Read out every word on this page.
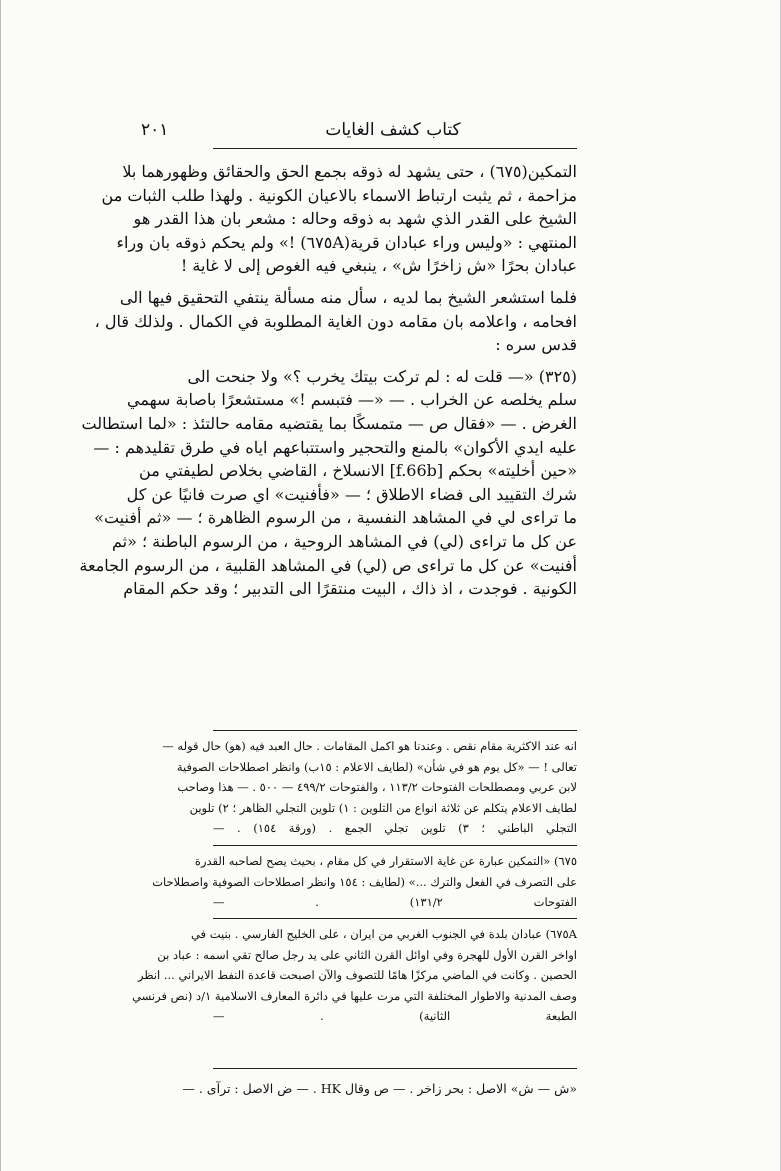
كتاب كشف الغايات
٢٠١
التمكين(٦٧٥) ، حتى يشهد له ذوقه بجمع الحق والحقائق وظهورهما بلا
مزاحمة ، ثم يثبت ارتباط الاسماء بالاعيان الكونية . ولهذا طلب الثبات من
الشيخ على القدر الذي شهد به ذوقه وحاله : مشعر بان هذا القدر هو
المنتهي : «وليس وراء عبادان قرية(٦٧٥A) !» ولم يحكم ذوقه بان وراء
عبادان بحرًا «ش زاخرًا ش» ، ينبغي فيه الغوص إلى لا غاية !
فلما استشعر الشيخ بما لديه ، سأل منه مسألة ينتفي التحقيق فيها الى
افحامه ، واعلامه بان مقامه دون الغاية المطلوبة في الكمال . ولذلك قال ،
قدس سره :
(٣٢٥) «— قلت له : لم تركت بيتك يخرب ؟» ولا جنحت الى
سلم يخلصه عن الخراب . — «— فتبسم !» مستشعرًا باصابة سهمي
الغرض . — «فقال ص — متمسكًا بما يقتضيه مقامه حالتئذ : «لما استطالت
عليه ايدي الأكوان» بالمنع والتحجير واستتباعهم اياه في طرق تقليدهم : —
«حين أخليته» بحكم [f.66b] الانسلاخ ، القاضي بخلاص لطيفتي من
شرك التقييد الى فضاء الاطلاق ؛ — «فأفنيت» اي صرت فانيًا عن كل
ما تراءى لي في المشاهد النفسية ، من الرسوم الظاهرة ؛ — «ثم أفنيت»
عن كل ما تراءى (لي) في المشاهد الروحية ، من الرسوم الباطنة ؛ «ثم
أفنيت» عن كل ما تراءى ص (لي) في المشاهد القلبية ، من الرسوم الجامعة
الكونية . فوجدت ، اذ ذاك ، البيت منتقرًا الى التدبير ؛ وقد حكم المقام
انه عند الاكثرية مقام نقص . وعندنا هو اكمل المقامات . حال العبد فيه (هو) حال قوله —
تعالى ! — «كل يوم هو في شأن» (لطايف الاعلام : ١٥ب) وانظر اصطلاحات الصوفية
لابن عربي ومصطلحات الفتوحات ١١٣/٢ ، والفتوحات ٤٩٩/٢ — ٥٠٠ . — هذا وصاحب
لطايف الاعلام يتكلم عن ثلاثة انواع من التلوين : ١) تلوين التجلي الظاهر ؛ ٢) تلوين
التجلي الباطني ؛ ٣) تلوين تجلي الجمع . (ورقة ١٥٤) . —
٦٧٥) «التمكين عبارة عن غاية الاستقرار في كل مقام ، بحيث يصح لصاحبه القدرة
على التصرف في الفعل والترك ...» (لطايف : ١٥٤ وانظر اصطلاحات الصوفية واصطلاحات
الفتوحات ١٣١/٢) . —
٦٧٥A) عبادان بلدة في الجنوب الغربي من ايران ، على الخليج الفارسي . بنيت في
اواخر القرن الأول للهجرة وفي اوائل القرن الثاني على يد رجل صالح تقي اسمه : عباد بن
الحصين . وكانت في الماضي مركزًا هامًا للتصوف والآن اصبحت قاعدة النفط الايراني ... انظر
وصف المدنية والاطوار المختلفة التي مرت عليها في دائرة المعارف الاسلامية ١/د (نص فرنسي
الطبعة الثانية) . —
«ش — ش» الاصل : بحر زاخر . — ص وقال HK . — ض الاصل : ترآى . —
